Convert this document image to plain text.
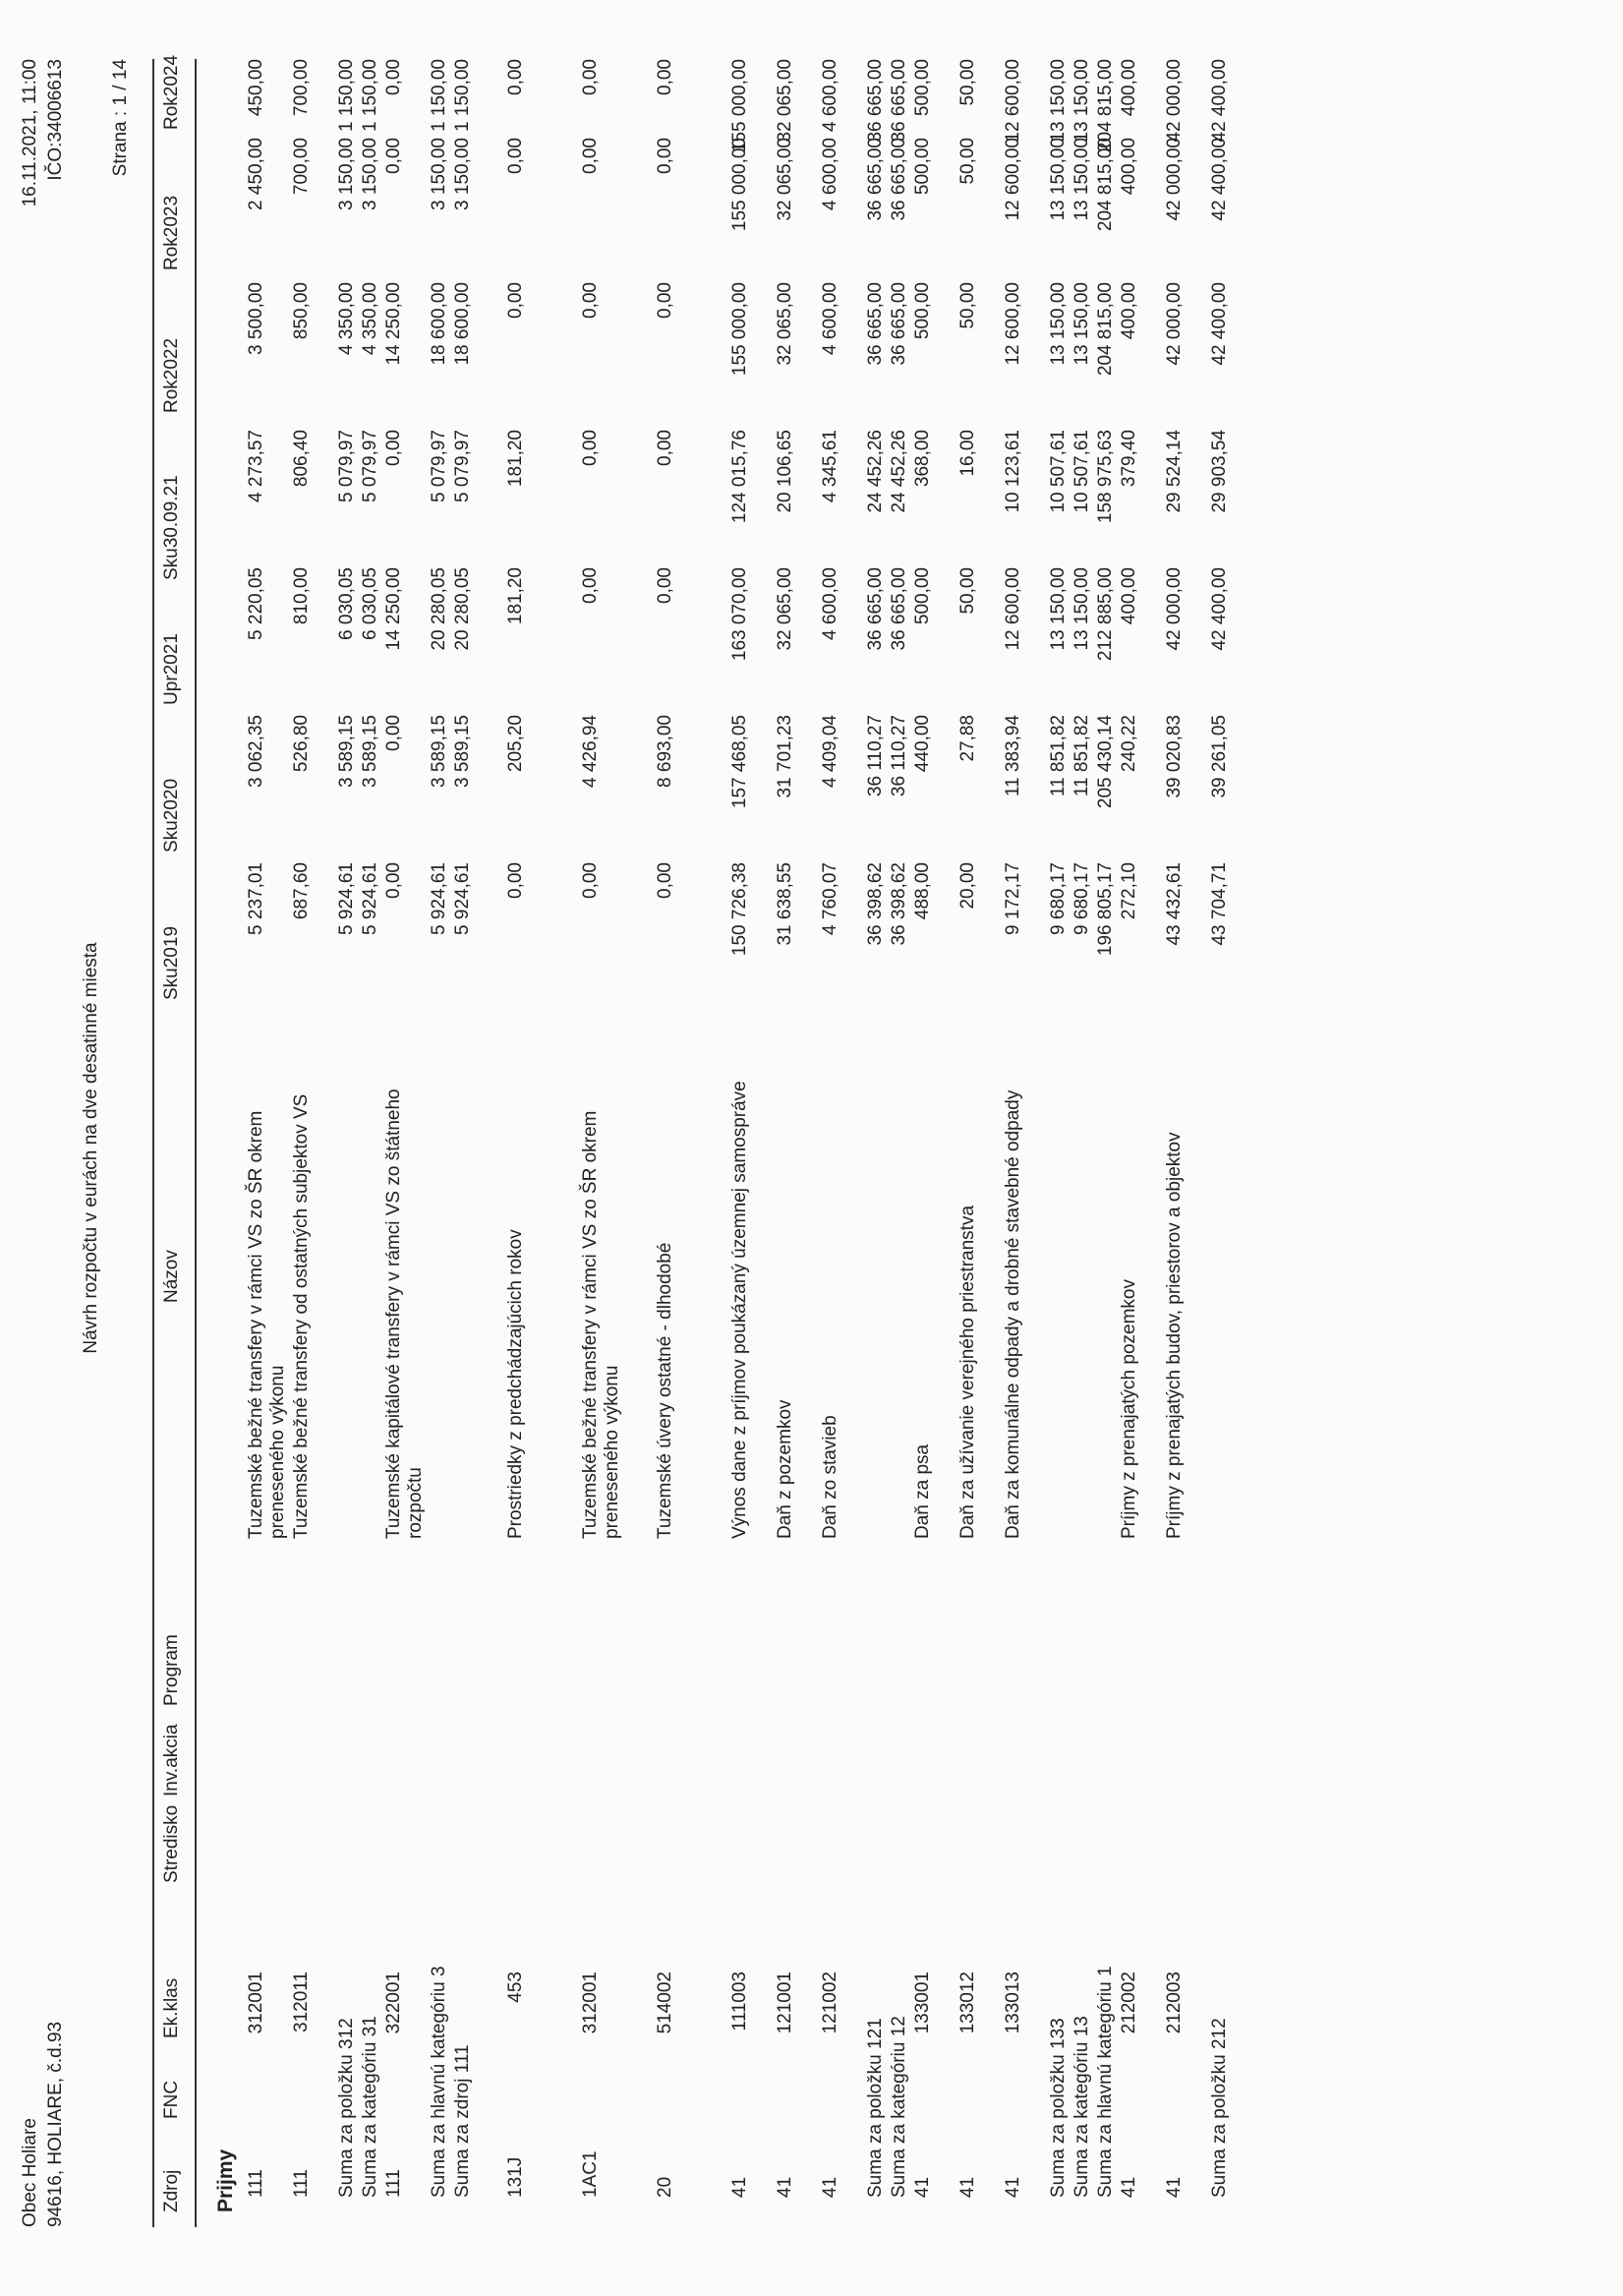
Obec Holiare 94616, HOLIARE, č.d.93
16.11.2021, 11:00 IČO:34006613
Návrh rozpočtu v eurách na dve desatinné miesta
Strana : 1 / 14
Zdroj
FNC
Ek.klas
Stredisko
Inv.akcia
Program
Názov
Sku2019
Sku2020
Upr2021
Sku30.09.21
Rok2022
Rok2023
Rok2024
Prijmy 111
312001
Tuzemské bežné transfery v rámci VS zo ŠR okrem preneseného výkonu
5 237,01
3 062,35
5 220,05
4 273,57
3 500,00
2 450,00
450,00
111
312011
Tuzemské bežné transfery od ostatných subjektov VS
687,60
526,80
810,00
806,40
850,00
700,00
700,00
Suma za položku 312
5 924,61
3 589,15
6 030,05
5 079,97
4 350,00
3 150,00
1 150,00
Suma za kategóriu 31
5 924,61
3 589,15
6 030,05
5 079,97
4 350,00
3 150,00
1 150,00
111
322001
Tuzemské kapitálové transfery v rámci VS zo štátneho rozpočtu
0,00
0,00
14 250,00
0,00
14 250,00
0,00
0,00
Suma za hlavnú kategóriu 3
5 924,61
3 589,15
20 280,05
5 079,97
18 600,00
3 150,00
1 150,00
Suma za zdroj 111
5 924,61
3 589,15
20 280,05
5 079,97
18 600,00
3 150,00
1 150,00
131J
453
Prostriedky z predchádzajúcich rokov
0,00
205,20
181,20
181,20
0,00
0,00
0,00
1AC1
312001
Tuzemské bežné transfery v rámci VS zo ŠR okrem preneseného výkonu
0,00
4 426,94
0,00
0,00
0,00
0,00
0,00
20
514002
Tuzemské úvery ostatné - dlhodobé
0,00
8 693,00
0,00
0,00
0,00
0,00
0,00
41
111003
Výnos dane z príjmov poukázaný územnej samospráve
150 726,38
157 468,05
163 070,00
124 015,76
155 000,00
155 000,00
155 000,00
41
121001
Daň z pozemkov
31 638,55
31 701,23
32 065,00
20 106,65
32 065,00
32 065,00
32 065,00
41
121002
Daň zo stavieb
4 760,07
4 409,04
4 600,00
4 345,61
4 600,00
4 600,00
4 600,00
Suma za položku 121
36 398,62
36 110,27
36 665,00
24 452,26
36 665,00
36 665,00
36 665,00
Suma za kategóriu 12
36 398,62
36 110,27
36 665,00
24 452,26
36 665,00
36 665,00
36 665,00
41
133001
Daň za psa
488,00
440,00
500,00
368,00
500,00
500,00
500,00
41
133012
Daň za užívanie verejného priestranstva
20,00
27,88
50,00
16,00
50,00
50,00
50,00
41
133013
Daň za komunálne odpady a drobné stavebné odpady
9 172,17
11 383,94
12 600,00
10 123,61
12 600,00
12 600,00
12 600,00
Suma za položku 133
9 680,17
11 851,82
13 150,00
10 507,61
13 150,00
13 150,00
13 150,00
Suma za kategóriu 13
9 680,17
11 851,82
13 150,00
10 507,61
13 150,00
13 150,00
13 150,00
Suma za hlavnú kategóriu 1
196 805,17
205 430,14
212 885,00
158 975,63
204 815,00
204 815,00
204 815,00
41
212002
Príjmy z prenajatých pozemkov
272,10
240,22
400,00
379,40
400,00
400,00
400,00
41
212003
Príjmy z prenajatých budov, priestorov a objektov
43 432,61
39 020,83
42 000,00
29 524,14
42 000,00
42 000,00
42 000,00
Suma za položku 212
43 704,71
39 261,05
42 400,00
29 903,54
42 400,00
42 400,00
42 400,00
